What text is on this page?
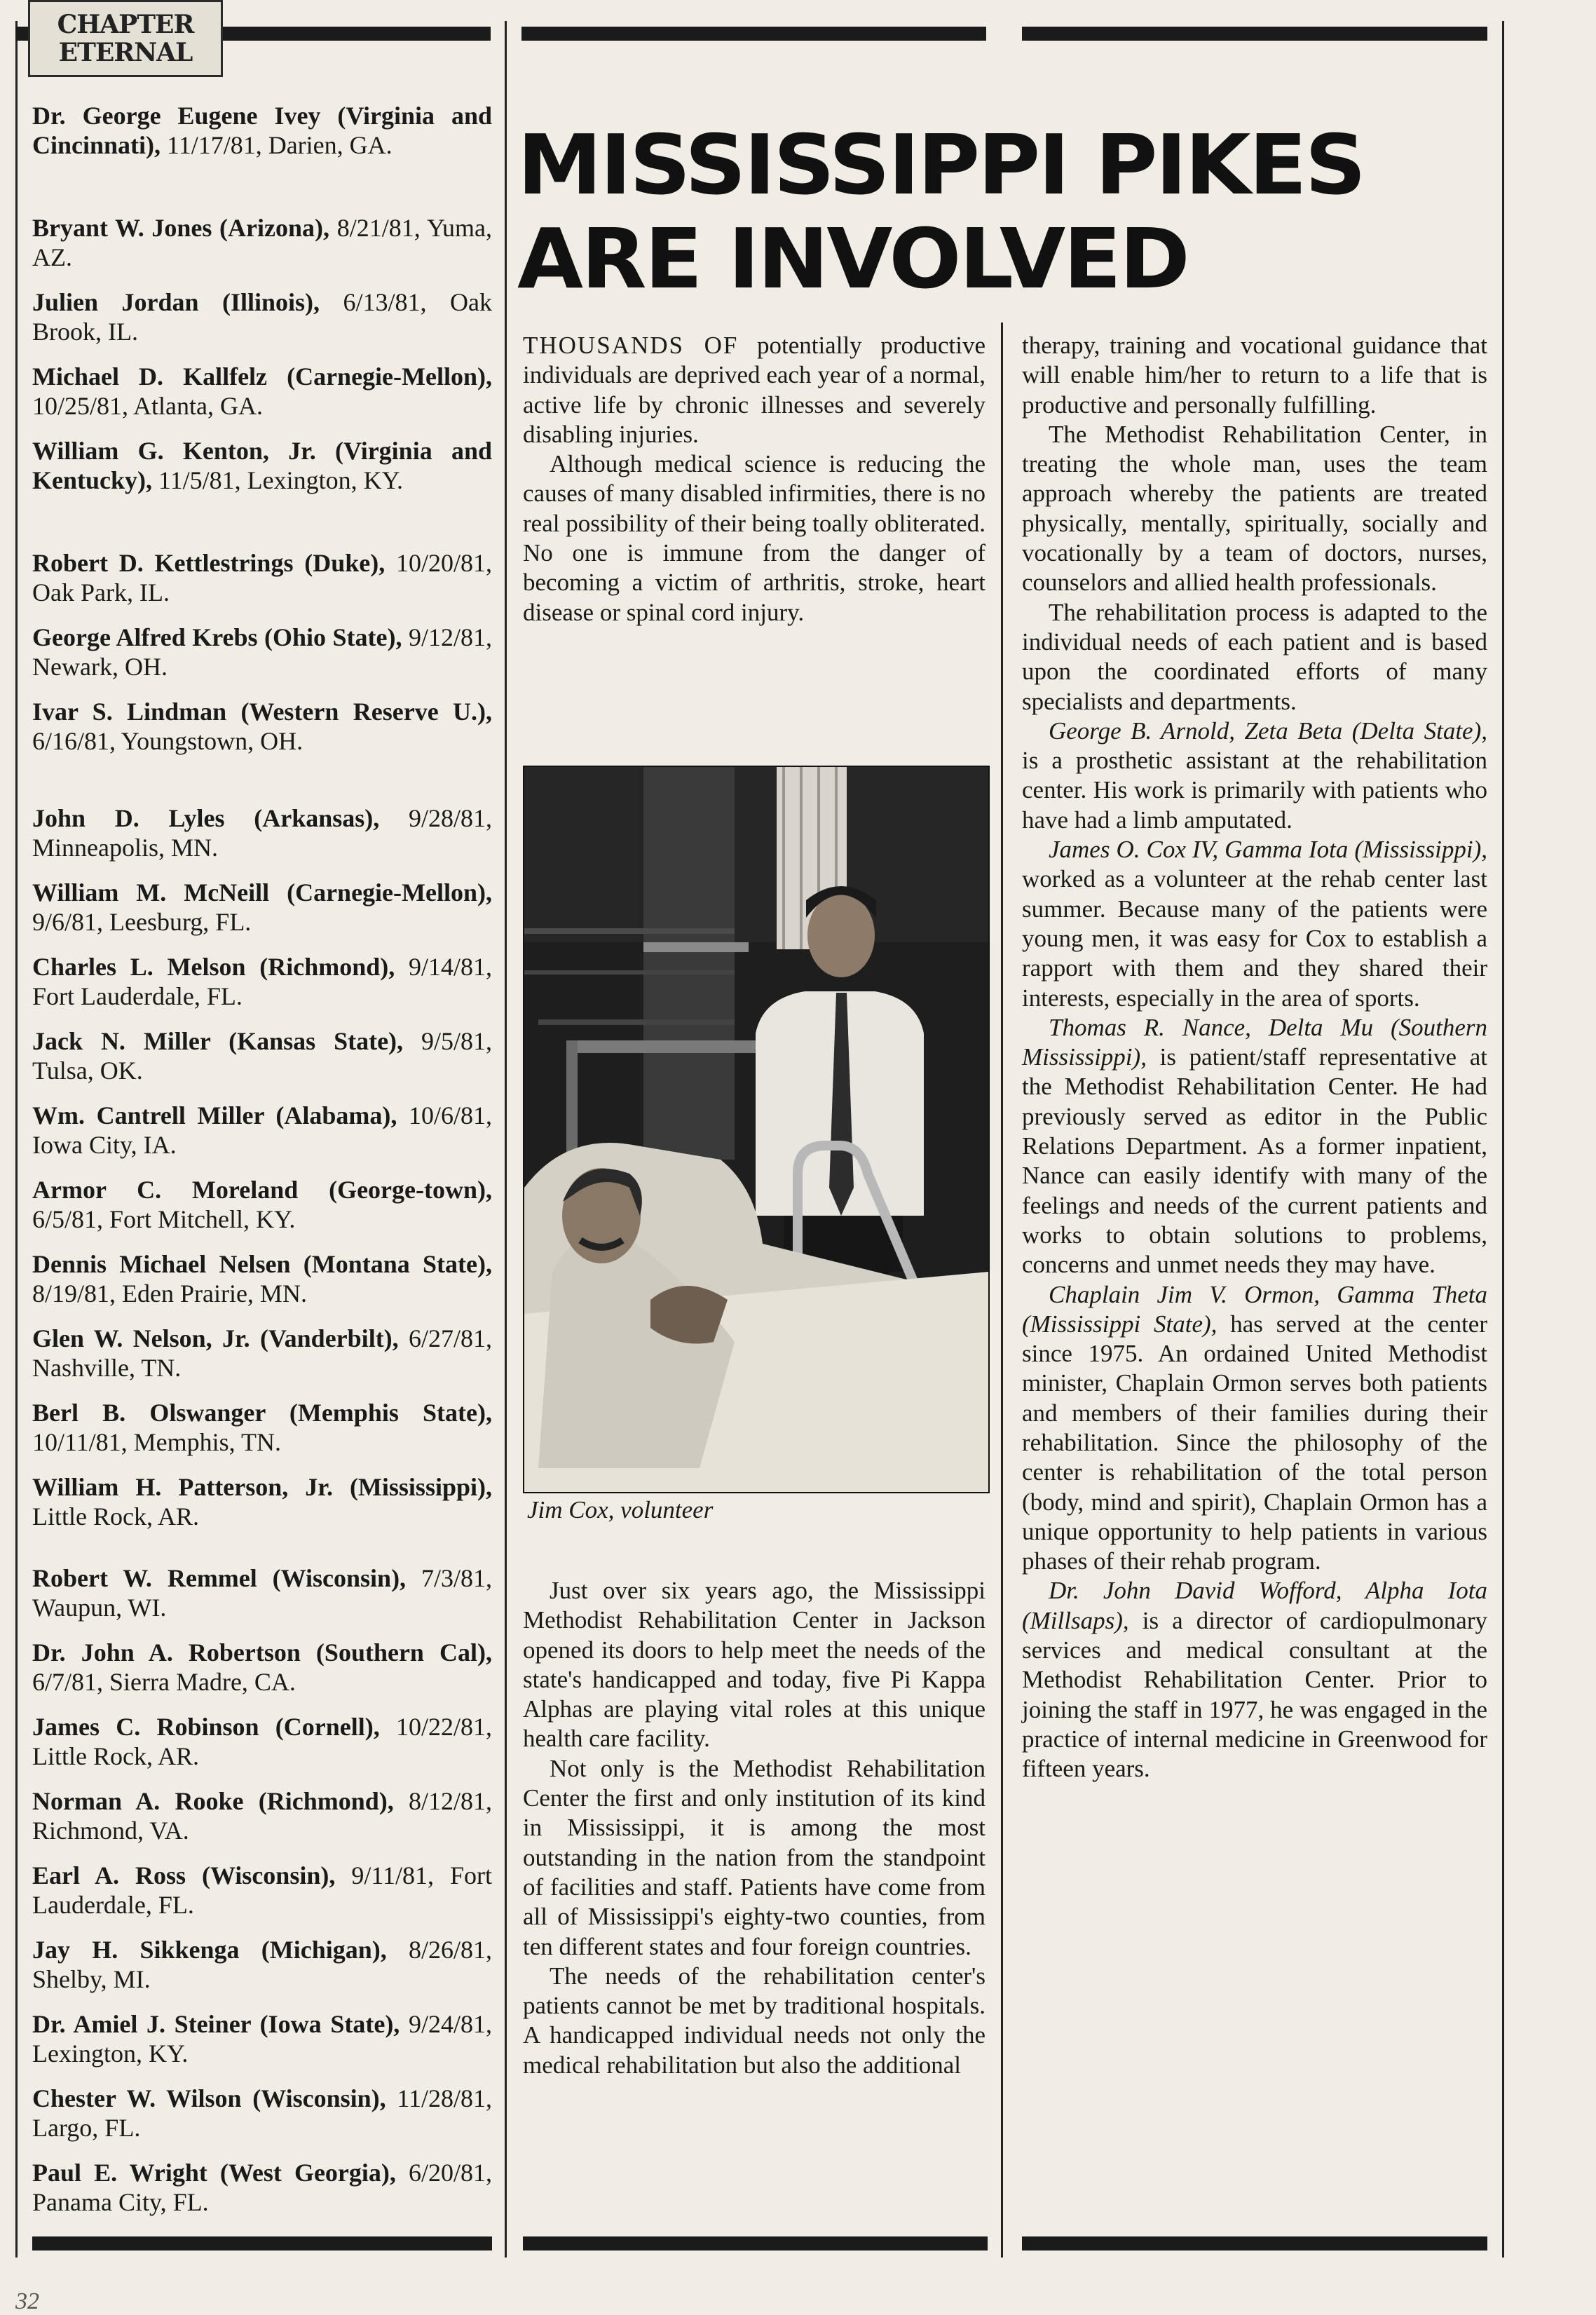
CHAPTER
ETERNAL
Dr. George Eugene Ivey (Virginia and Cincinnati), 11/17/81, Darien, GA.
Bryant W. Jones (Arizona), 8/21/81, Yuma, AZ.
Julien Jordan (Illinois), 6/13/81, Oak Brook, IL.
Michael D. Kallfelz (Carnegie-Mellon), 10/25/81, Atlanta, GA.
William G. Kenton, Jr. (Virginia and Kentucky), 11/5/81, Lexington, KY.
Robert D. Kettlestrings (Duke), 10/20/81, Oak Park, IL.
George Alfred Krebs (Ohio State), 9/12/81, Newark, OH.
Ivar S. Lindman (Western Reserve U.), 6/16/81, Youngstown, OH.
John D. Lyles (Arkansas), 9/28/81, Minneapolis, MN.
William M. McNeill (Carnegie-Mellon), 9/6/81, Leesburg, FL.
Charles L. Melson (Richmond), 9/14/81, Fort Lauderdale, FL.
Jack N. Miller (Kansas State), 9/5/81, Tulsa, OK.
Wm. Cantrell Miller (Alabama), 10/6/81, Iowa City, IA.
Armor C. Moreland (George-town), 6/5/81, Fort Mitchell, KY.
Dennis Michael Nelsen (Montana State), 8/19/81, Eden Prairie, MN.
Glen W. Nelson, Jr. (Vanderbilt), 6/27/81, Nashville, TN.
Berl B. Olswanger (Memphis State), 10/11/81, Memphis, TN.
William H. Patterson, Jr. (Mississippi), Little Rock, AR.
Robert W. Remmel (Wisconsin), 7/3/81, Waupun, WI.
Dr. John A. Robertson (Southern Cal), 6/7/81, Sierra Madre, CA.
James C. Robinson (Cornell), 10/22/81, Little Rock, AR.
Norman A. Rooke (Richmond), 8/12/81, Richmond, VA.
Earl A. Ross (Wisconsin), 9/11/81, Fort Lauderdale, FL.
Jay H. Sikkenga (Michigan), 8/26/81, Shelby, MI.
Dr. Amiel J. Steiner (Iowa State), 9/24/81, Lexington, KY.
Chester W. Wilson (Wisconsin), 11/28/81, Largo, FL.
Paul E. Wright (West Georgia), 6/20/81, Panama City, FL.
MISSISSIPPI PIKES
ARE INVOLVED

THOUSANDS OF potentially productive individuals are deprived each year of a normal, active life by chronic illnesses and severely disabling injuries.

Although medical science is reducing the causes of many disabled infirmities, there is no real possibility of their being toally obliterated. No one is immune from the danger of becoming a victim of arthritis, stroke, heart disease or spinal cord injury.

Jim Cox, volunteer

Just over six years ago, the Mississippi Methodist Rehabilitation Center in Jackson opened its doors to help meet the needs of the state's handicapped and today, five Pi Kappa Alphas are playing vital roles at this unique health care facility.

Not only is the Methodist Rehabilitation Center the first and only institution of its kind in Mississippi, it is among the most outstanding in the nation from the standpoint of facilities and staff. Patients have come from all of Mississippi's eighty-two counties, from ten different states and four foreign countries.

The needs of the rehabilitation center's patients cannot be met by traditional hospitals. A handicapped individual needs not only the medical rehabilitation but also the additional

therapy, training and vocational guidance that will enable him/her to return to a life that is productive and personally fulfilling.

The Methodist Rehabilitation Center, in treating the whole man, uses the team approach whereby the patients are treated physically, mentally, spiritually, socially and vocationally by a team of doctors, nurses, counselors and allied health professionals.

The rehabilitation process is adapted to the individual needs of each patient and is based upon the coordinated efforts of many specialists and departments.

George B. Arnold, Zeta Beta (Delta State), is a prosthetic assistant at the rehabilitation center. His work is primarily with patients who have had a limb amputated.

James O. Cox IV, Gamma Iota (Mississippi), worked as a volunteer at the rehab center last summer. Because many of the patients were young men, it was easy for Cox to establish a rapport with them and they shared their interests, especially in the area of sports.

Thomas R. Nance, Delta Mu (Southern Mississippi), is patient/staff representative at the Methodist Rehabilitation Center. He had previously served as editor in the Public Relations Department. As a former inpatient, Nance can easily identify with many of the feelings and needs of the current patients and works to obtain solutions to problems, concerns and unmet needs they may have.

Chaplain Jim V. Ormon, Gamma Theta (Mississippi State), has served at the center since 1975. An ordained United Methodist minister, Chaplain Ormon serves both patients and members of their families during their rehabilitation. Since the philosophy of the center is rehabilitation of the total person (body, mind and spirit), Chaplain Ormon has a unique opportunity to help patients in various phases of their rehab program.

Dr. John David Wofford, Alpha Iota (Millsaps), is a director of cardiopulmonary services and medical consultant at the Methodist Rehabilitation Center. Prior to joining the staff in 1977, he was engaged in the practice of internal medicine in Greenwood for fifteen years.

32
